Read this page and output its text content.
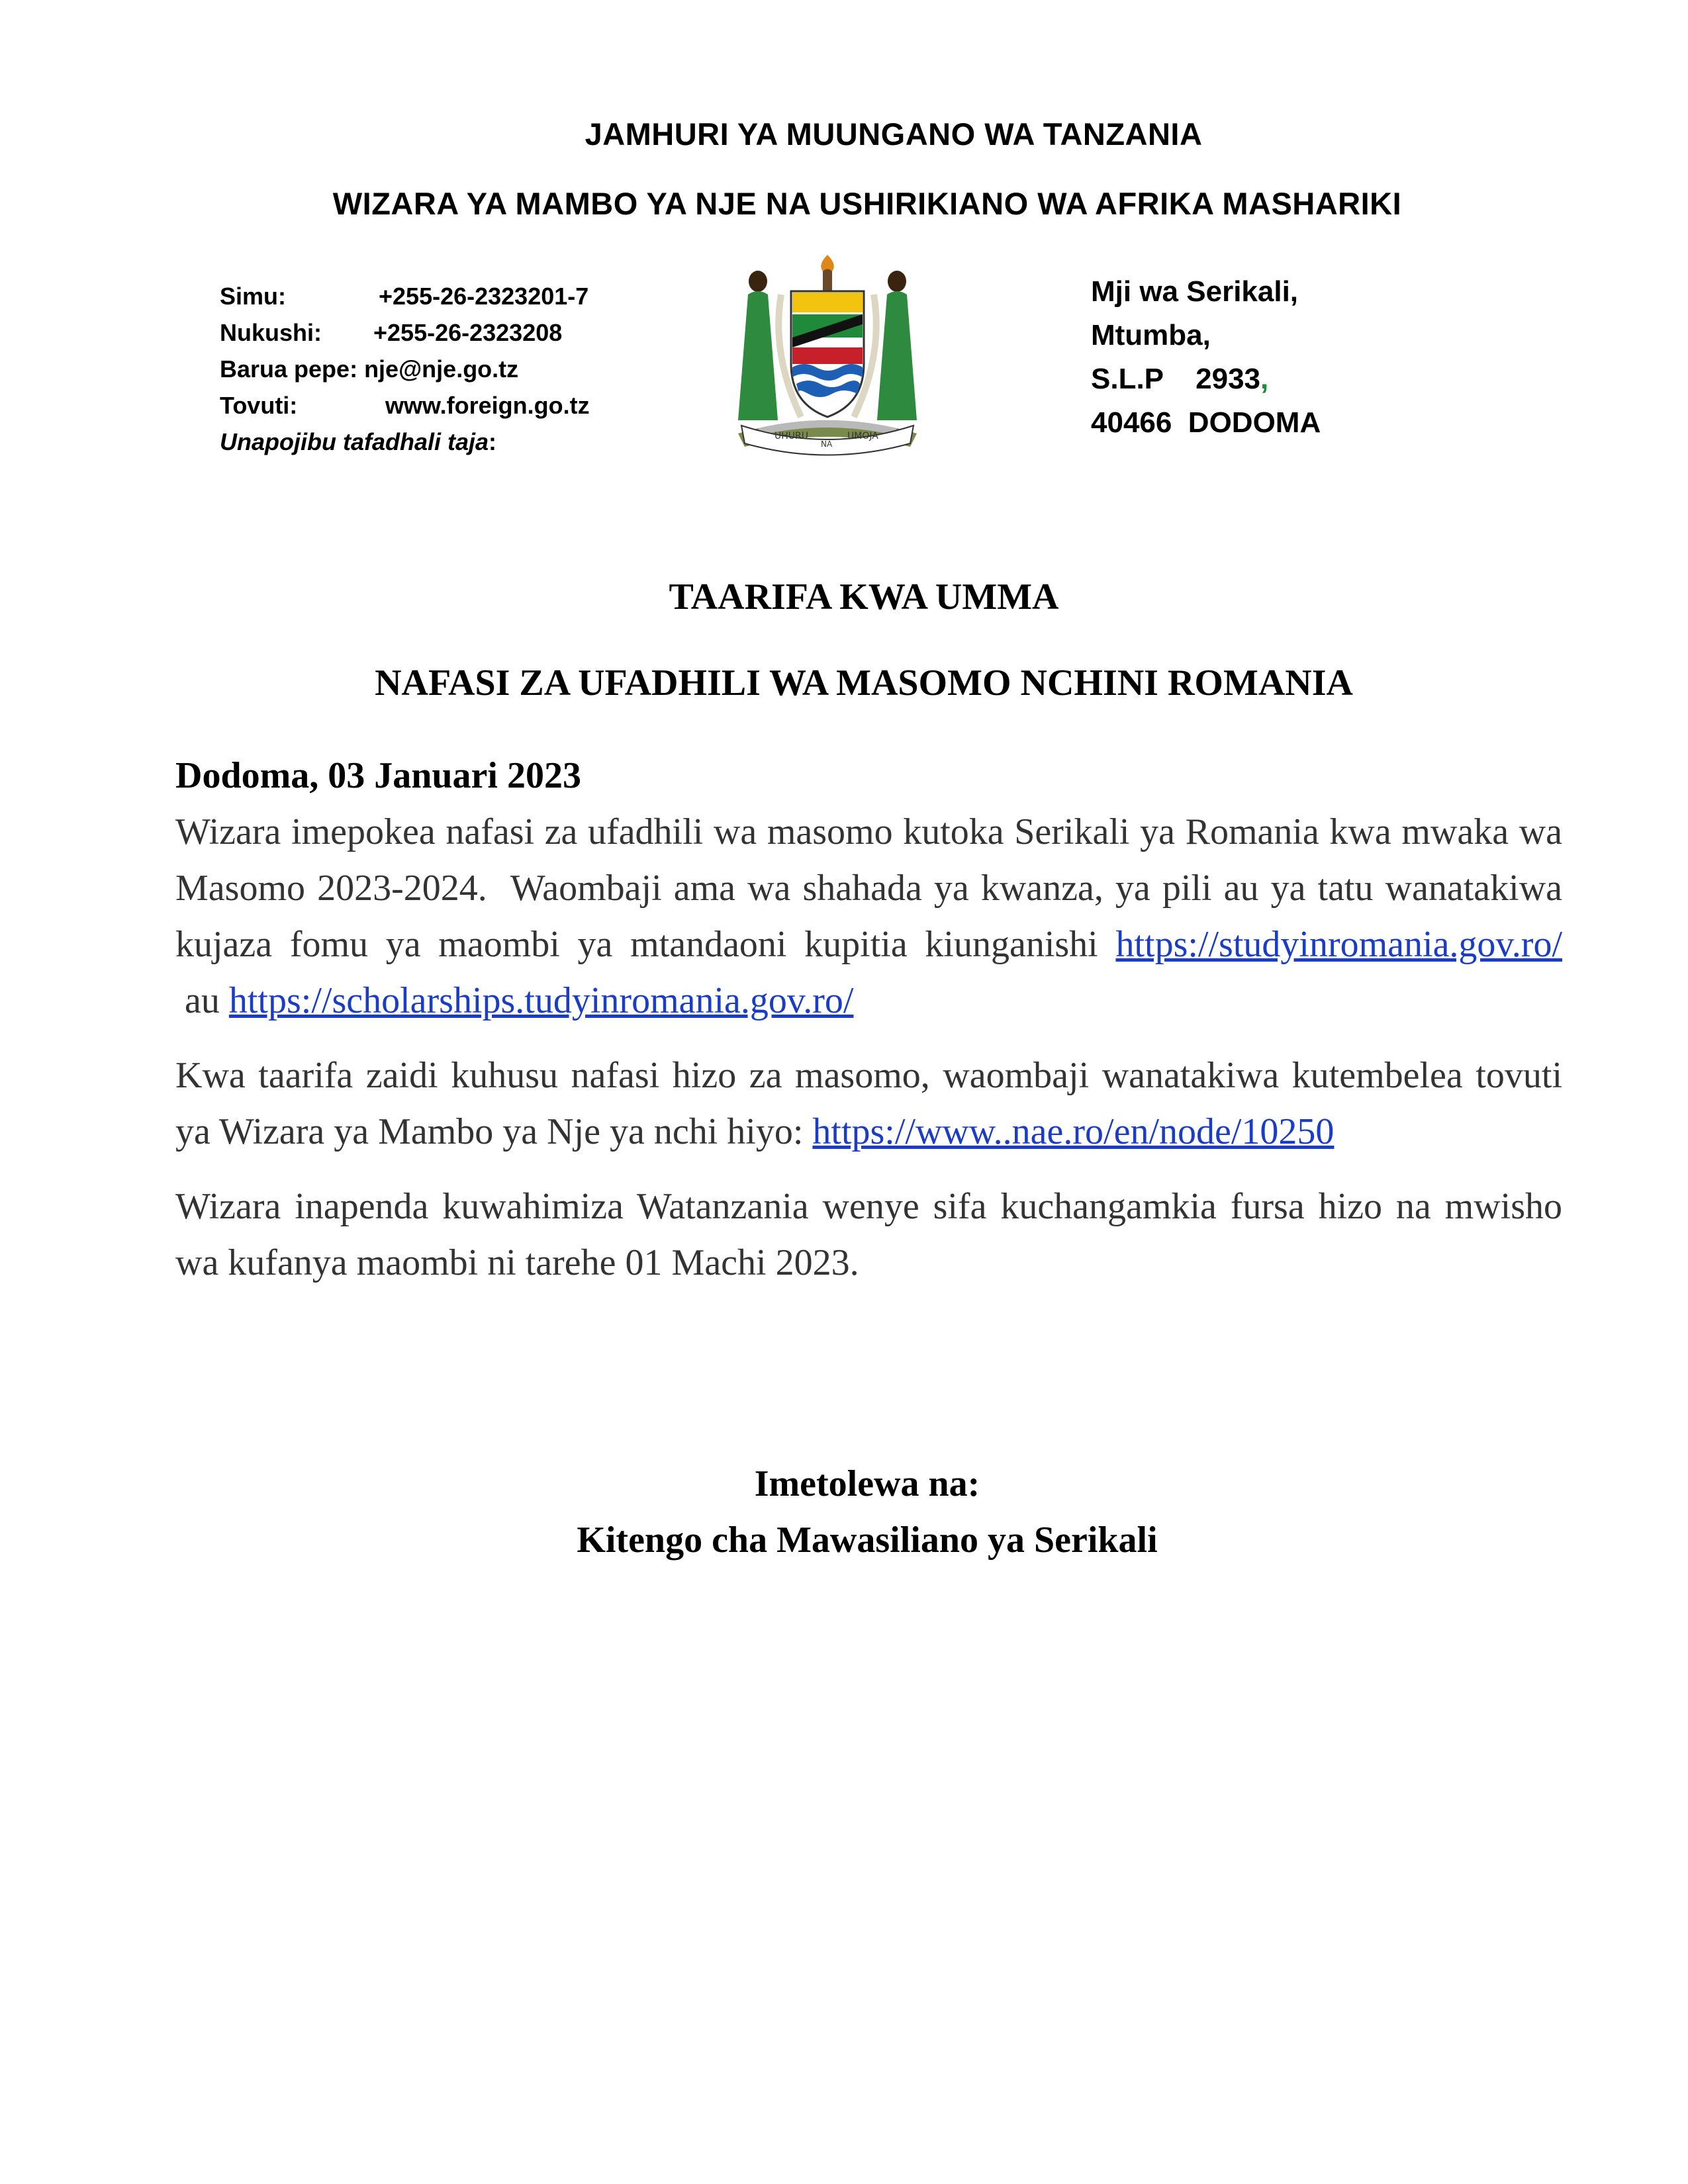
JAMHURI YA MUUNGANO WA TANZANIA
WIZARA YA MAMBO YA NJE NA USHIRIKIANO WA AFRIKA MASHARIKI
Simu:	+255-26-2323201-7
Nukushi:	+255-26-2323208
Barua pepe: nje@nje.go.tz
Tovuti:	www.foreign.go.tz
Unapojibu tafadhali taja :	UHURU
NA
UMOJA
Mji wa Serikali,
Mtumba,
S.L.P    2933,
40466  DODOMA
TAARIFA KWA UMMA
NAFASI ZA UFADHILI WA MASOMO NCHINI ROMANIA
Dodoma, 03 Januari 2023

Wizara imepokea nafasi za ufadhili wa masomo kutoka Serikali ya Romania kwa mwaka wa Masomo 2023-2024.  Waombaji ama wa shahada ya kwanza, ya pili au ya tatu wanatakiwa kujaza fomu ya maombi ya mtandaoni kupitia kiunganishi https://studyinromania.gov.ro/ au https://scholarships.tudyinromania.gov.ro/

Kwa taarifa zaidi kuhusu nafasi hizo za masomo, waombaji wanatakiwa kutembelea tovuti ya Wizara ya Mambo ya Nje ya nchi hiyo: https://www..nae.ro/en/node/10250

Wizara inapenda kuwahimiza Watanzania wenye sifa kuchangamkia fursa hizo na mwisho wa kufanya maombi ni tarehe 01 Machi 2023.

Imetolewa na:
Kitengo cha Mawasiliano ya Serikali
